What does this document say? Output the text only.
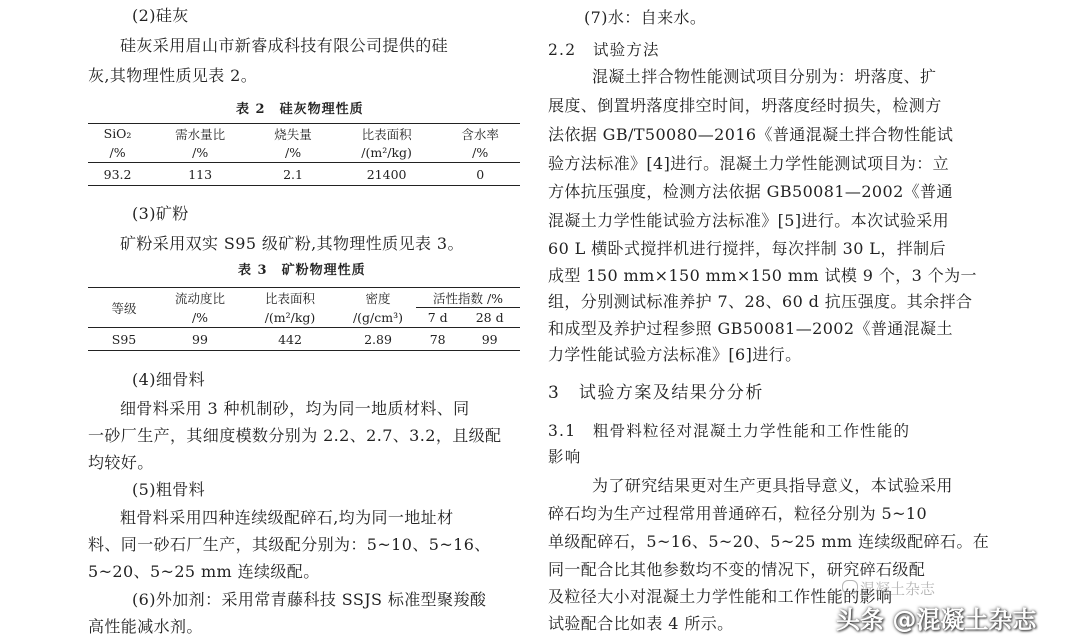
(2)硅灰
硅灰采用眉山市新睿成科技有限公司提供的硅
灰,其物理性质见表 2。
表 2　硅灰物理性质
SiO₂	需水量比	烧失量	比表面积	含水率
/%	/%	/%	/(m²/kg)	/%
93.2	113	2.1	21400	0
(3)矿粉
矿粉采用双实 S95 级矿粉,其物理性质见表 3。
表 3　矿粉物理性质
等级	流动度比	比表面积	密度	活性指数 /%	
	/%	/(m²/kg)	/(g/cm³)	7 d	28 d
S95	99	442	2.89	78	99
(4)细骨料
细骨料采用 3 种机制砂，均为同一地质材料、同
一砂厂生产，其细度模数分别为 2.2、2.7、3.2，且级配
均较好。
(5)粗骨料
粗骨料采用四种连续级配碎石,均为同一地址材
料、同一砂石厂生产，其级配分别为：5~10、5~16、
5~20、5~25 mm 连续级配。
(6)外加剂：采用常青藤科技 SSJS 标准型聚羧酸
高性能减水剂。
(7)水：自来水。
2.2　试验方法
混凝土拌合物性能测试项目分别为：坍落度、扩
展度、倒置坍落度排空时间，坍落度经时损失，检测方
法依据 GB/T50080—2016《普通混凝土拌合物性能试
验方法标准》[4]进行。混凝土力学性能测试项目为：立
方体抗压强度，检测方法依据 GB50081—2002《普通
混凝土力学性能试验方法标准》[5]进行。本次试验采用
60 L 横卧式搅拌机进行搅拌，每次拌制 30 L，拌制后
成型 150 mm×150 mm×150 mm 试模 9 个，3 个为一
组，分别测试标准养护 7、28、60 d 抗压强度。其余拌合
和成型及养护过程参照 GB50081—2002《普通混凝土
力学性能试验方法标准》[6]进行。
3　试验方案及结果分分析
3.1　粗骨料粒径对混凝土力学性能和工作性能的
影响
为了研究结果更对生产更具指导意义，本试验采用
碎石均为生产过程常用普通碎石，粒径分别为 5~10
单级配碎石，5~16、5~20、5~25 mm 连续级配碎石。在
同一配合比其他参数均不变的情况下，研究碎石级配
及粒径大小对混凝土力学性能和工作性能的影响
试验配合比如表 4 所示。
混凝土杂志
头条 @混凝土杂志
